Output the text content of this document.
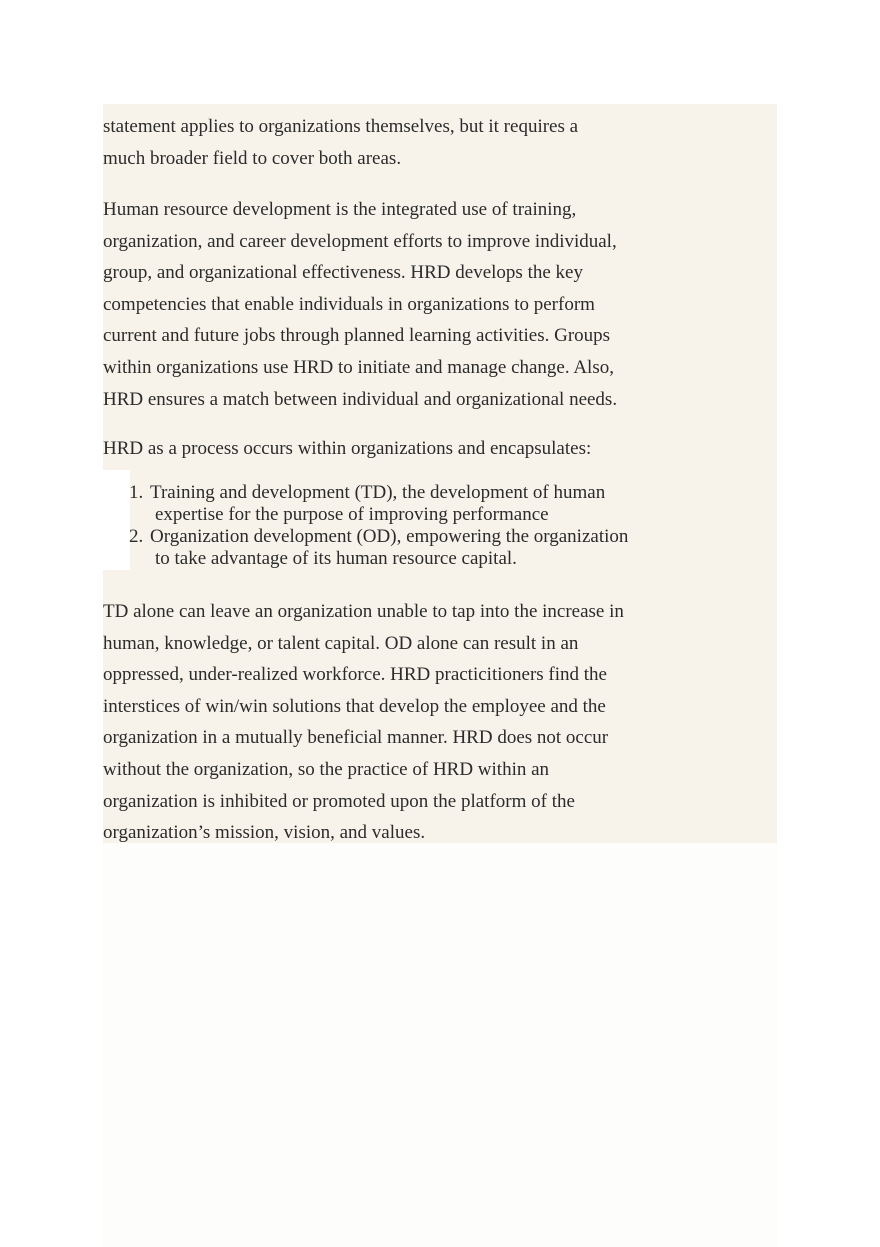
statement applies to organizations themselves, but it requires a
much broader field to cover both areas.

Human resource development is the integrated use of training,
organization, and career development efforts to improve individual,
group, and organizational effectiveness. HRD develops the key
competencies that enable individuals in organizations to perform
current and future jobs through planned learning activities. Groups
within organizations use HRD to initiate and manage change. Also,
HRD ensures a match between individual and organizational needs.

HRD as a process occurs within organizations and encapsulates:

1. Training and development (TD), the development of human
expertise for the purpose of improving performance
2. Organization development (OD), empowering the organization
to take advantage of its human resource capital.

TD alone can leave an organization unable to tap into the increase in
human, knowledge, or talent capital. OD alone can result in an
oppressed, under-realized workforce. HRD practicitioners find the
interstices of win/win solutions that develop the employee and the
organization in a mutually beneficial manner. HRD does not occur
without the organization, so the practice of HRD within an
organization is inhibited or promoted upon the platform of the
organization’s mission, vision, and values.
